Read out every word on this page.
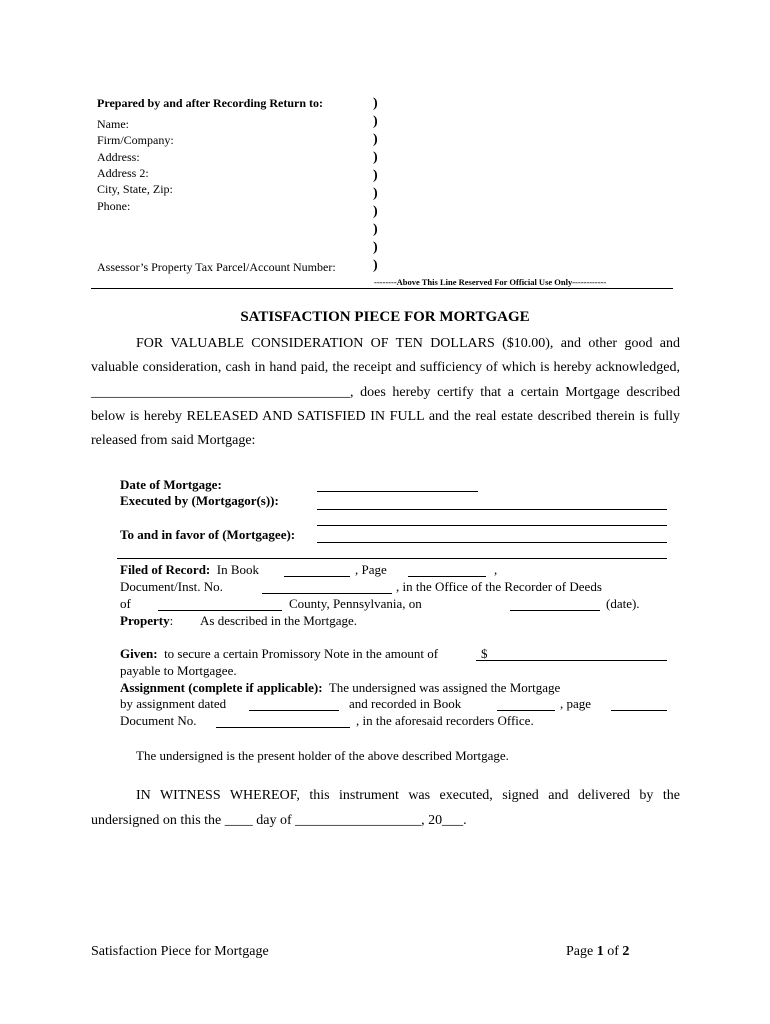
Prepared by and after Recording Return to:
Name:
Firm/Company:
Address:
Address 2:
City, State, Zip:
Phone:
Assessor’s Property Tax Parcel/Account Number:
)
)
)
)
)
)
)
)
)
)
--------Above This Line Reserved For Official Use Only------------
SATISFACTION PIECE FOR MORTGAGE
FOR VALUABLE CONSIDERATION OF TEN DOLLARS ($10.00), and other good and
valuable consideration, cash in hand paid, the receipt and sufficiency of which is hereby acknowledged,
_____________________________________, does hereby certify that a certain Mortgage described
below is hereby RELEASED AND SATISFIED IN FULL and the real estate described therein is fully
released from said Mortgage:
Date of Mortgage:
Executed by (Mortgagor(s)):
To and in favor of (Mortgagee):
Filed of Record: In Book	, Page	,
Document/Inst. No.	, in the Office of the Recorder of Deeds
of	County, Pennsylvania, on	(date).
Property: As described in the Mortgage.
Given: to secure a certain Promissory Note in the amount of	$
payable to Mortgagee.
Assignment (complete if applicable): The undersigned was assigned the Mortgage
by assignment dated	and recorded in Book	, page
Document No.	, in the aforesaid recorders Office.
The undersigned is the present holder of the above described Mortgage.
IN WITNESS WHEREOF, this instrument was executed, signed and delivered by the
undersigned on this the ____ day of __________________, 20___.
Satisfaction Piece for Mortgage	Page 1 of 2
